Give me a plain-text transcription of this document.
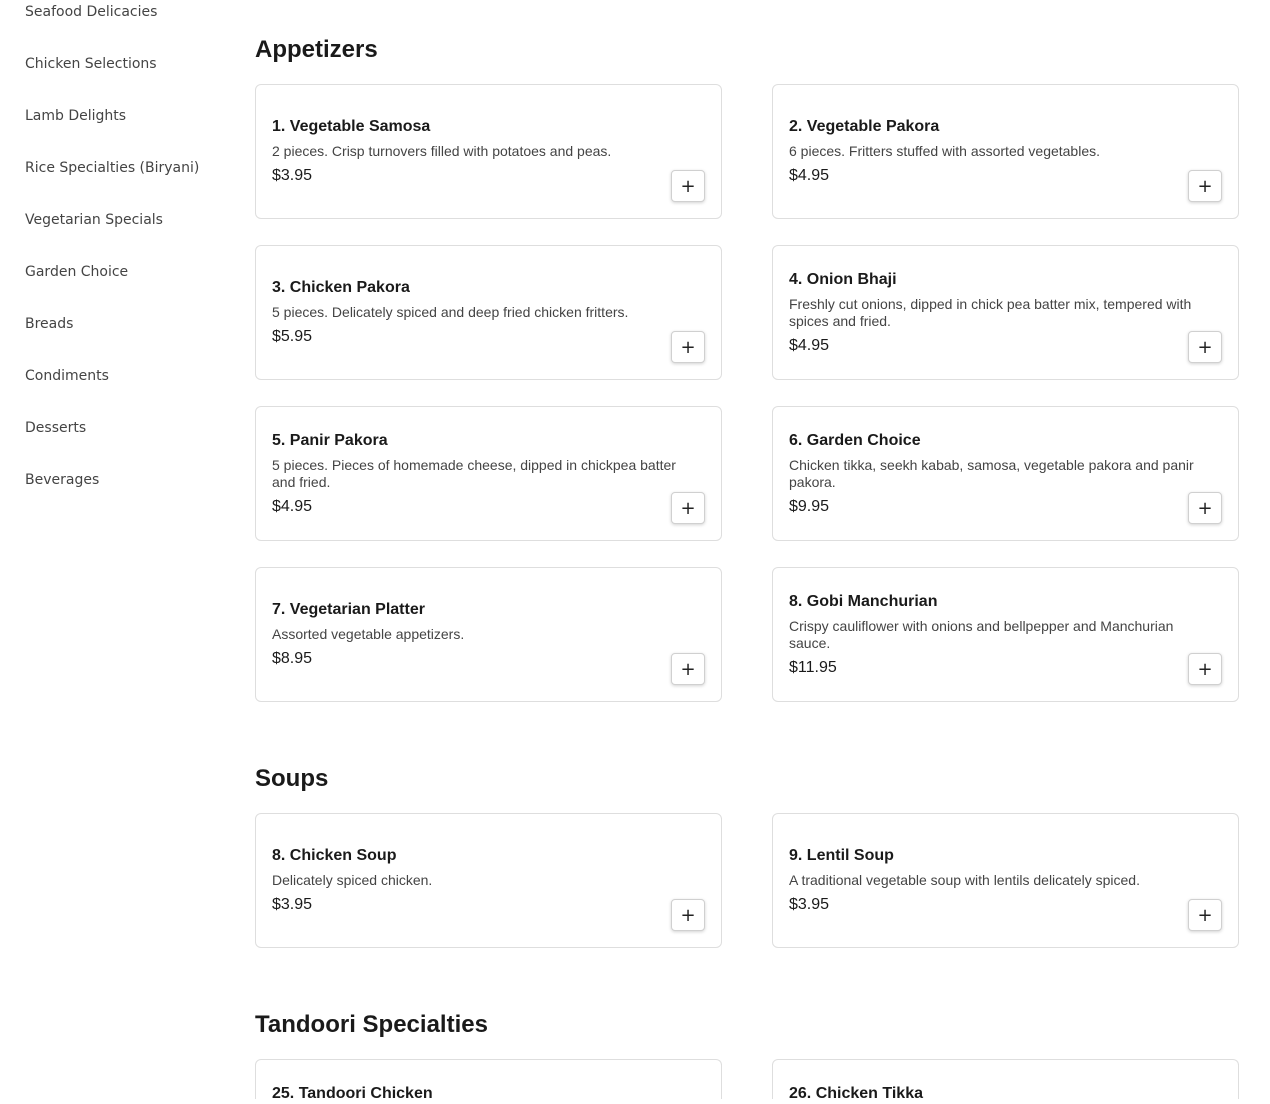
Seafood Delicacies
Chicken Selections
Lamb Delights
Rice Specialties (Biryani)
Vegetarian Specials
Garden Choice
Breads
Condiments
Desserts
Beverages
Appetizers
1. Vegetable Samosa
2 pieces. Crisp turnovers filled with potatoes and peas.
$3.95	+
2. Vegetable Pakora
6 pieces. Fritters stuffed with assorted vegetables.
$4.95	+
3. Chicken Pakora
5 pieces. Delicately spiced and deep fried chicken fritters.
$5.95	+
4. Onion Bhaji
Freshly cut onions, dipped in chick pea batter mix, tempered with spices and fried.
$4.95	+
5. Panir Pakora
5 pieces. Pieces of homemade cheese, dipped in chickpea batter and fried.
$4.95	+
6. Garden Choice
Chicken tikka, seekh kabab, samosa, vegetable pakora and panir pakora.
$9.95	+
7. Vegetarian Platter
Assorted vegetable appetizers.
$8.95	+
8. Gobi Manchurian
Crispy cauliflower with onions and bellpepper and Manchurian sauce.
$11.95	+
Soups
8. Chicken Soup
Delicately spiced chicken.
$3.95	+
9. Lentil Soup
A traditional vegetable soup with lentils delicately spiced.
$3.95	+
Tandoori Specialties
25. Tandoori Chicken	26. Chicken Tikka
